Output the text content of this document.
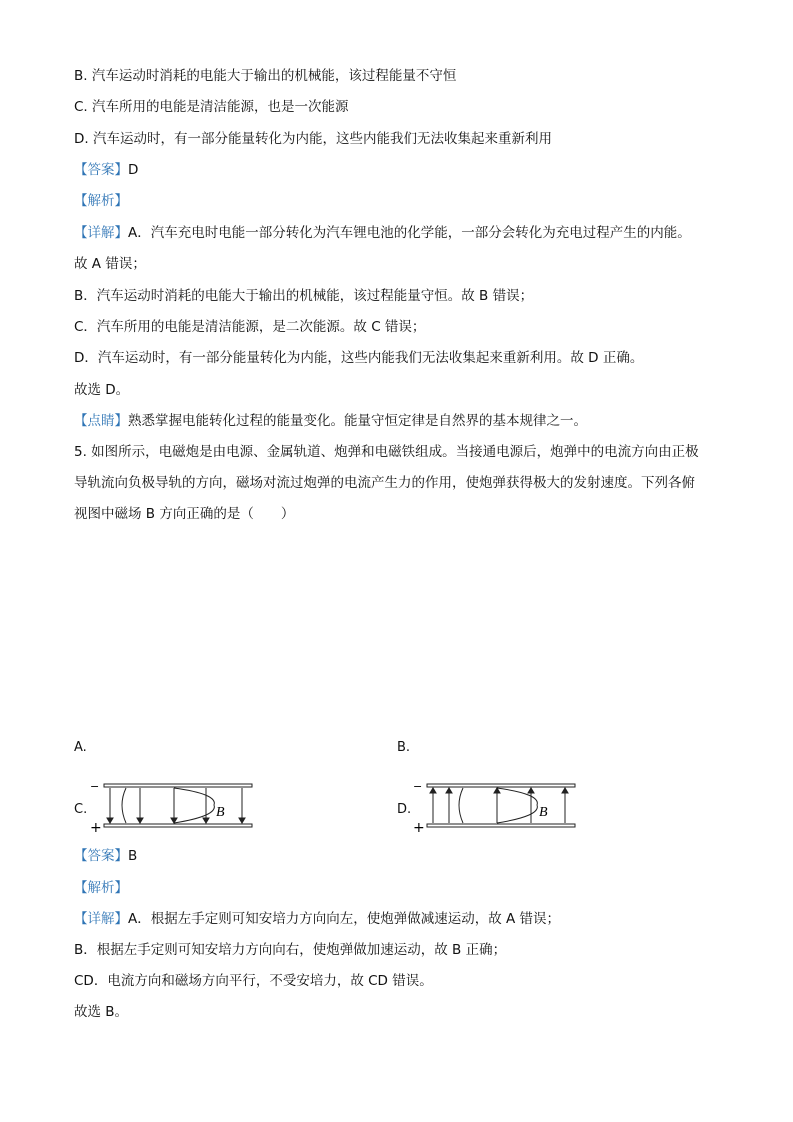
B. 汽车运动时消耗的电能大于输出的机械能，该过程能量不守恒
C. 汽车所用的电能是清洁能源，也是一次能源
D. 汽车运动时，有一部分能量转化为内能，这些内能我们无法收集起来重新利用
【答案】D
【解析】
【详解】A．汽车充电时电能一部分转化为汽车锂电池的化学能，一部分会转化为充电过程产生的内能。
故 A 错误；
B．汽车运动时消耗的电能大于输出的机械能，该过程能量守恒。故 B 错误；
C．汽车所用的电能是清洁能源，是二次能源。故 C 错误；
D．汽车运动时，有一部分能量转化为内能，这些内能我们无法收集起来重新利用。故 D 正确。
故选 D。
【点睛】熟悉掌握电能转化过程的能量变化。能量守恒定律是自然界的基本规律之一。
5. 如图所示，电磁炮是由电源、金属轨道、炮弹和电磁铁组成。当接通电源后，炮弹中的电流方向由正极
导轨流向负极导轨的方向，磁场对流过炮弹的电流产生力的作用，使炮弹获得极大的发射速度。下列各俯
视图中磁场 B 方向正确的是（　　）
A.	B.
C.
−
+
B	D.
−
+
B
【答案】B
【解析】
【详解】A．根据左手定则可知安培力方向向左，使炮弹做减速运动，故 A 错误；
B．根据左手定则可知安培力方向向右，使炮弹做加速运动，故 B 正确；
CD．电流方向和磁场方向平行，不受安培力，故 CD 错误。
故选 B。
